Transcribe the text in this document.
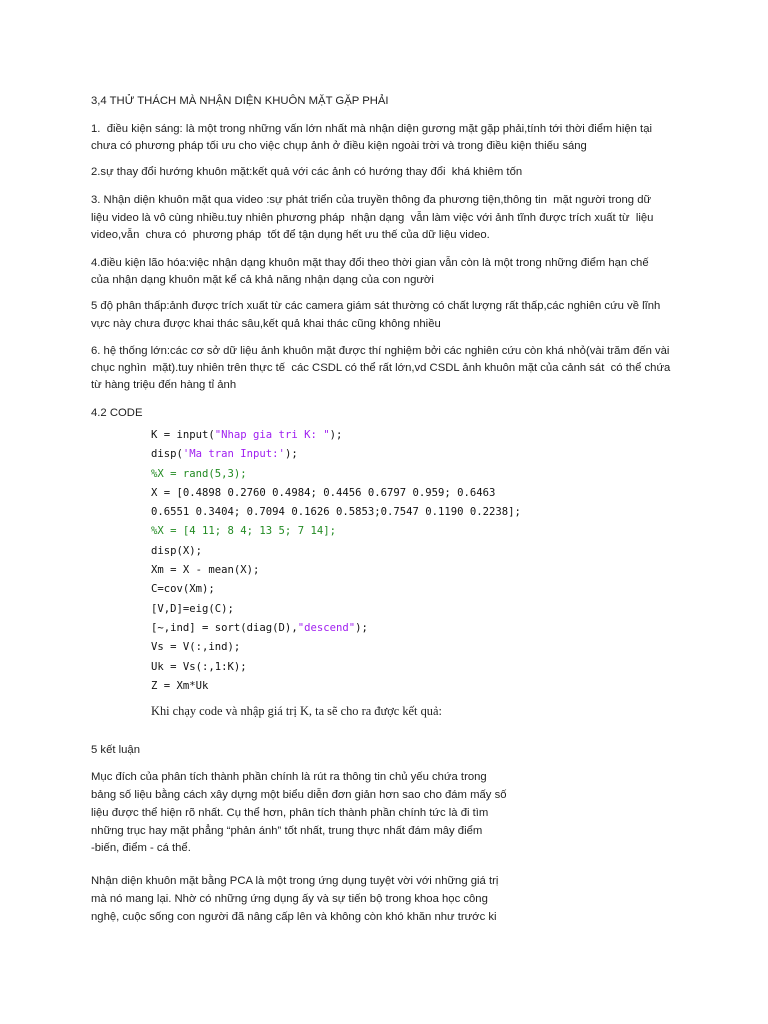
3,4 THỬ THÁCH MÀ NHẬN DIỆN KHUÔN MẶT GẶP PHẢI
1.  điều kiện sáng: là một trong những vấn lớn nhất mà nhận diện gương mặt gặp phải,tính tới thời điểm hiện tại
chưa có phương pháp tối ưu cho việc chụp ảnh ở điều kiện ngoài trời và trong điều kiện thiếu sáng
2.sự thay đổi hướng khuôn mặt:kết quả với các ảnh có hướng thay đổi  khá khiêm tốn
3. Nhận diện khuôn mặt qua video :sự phát triển của truyền thông đa phương tiện,thông tin  mặt người trong dữ
liệu video là vô cùng nhiều.tuy nhiên phương pháp  nhận dạng  vẫn làm việc với ảnh tĩnh được trích xuất từ  liệu
video,vẫn  chưa có  phương pháp  tốt để tận dụng hết ưu thế của dữ liệu video.
4.điều kiện lão hóa:việc nhận dạng khuôn mặt thay đổi theo thời gian vẫn còn là một trong những điểm hạn chế
của nhận dạng khuôn mặt kể cả khả năng nhận dạng của con người
5 độ phân thấp:ảnh được trích xuất từ các camera giám sát thường có chất lượng rất thấp,các nghiên cứu về lĩnh
vực này chưa được khai thác sâu,kết quả khai thác cũng không nhiều
6. hệ thống lớn:các cơ sở dữ liệu ảnh khuôn mặt được thí nghiệm bởi các nghiên cứu còn khá nhỏ(vài trăm đến vài
chục nghìn  mặt).tuy nhiên trên thực tế  các CSDL có thể rất lớn,vd CSDL ảnh khuôn mặt của cảnh sát  có thể chứa
từ hàng triệu đến hàng tỉ ảnh
4.2 CODE
K = input("Nhap gia tri K: ");
disp('Ma tran Input:');
%X = rand(5,3);
X = [0.4898 0.2760 0.4984; 0.4456 0.6797 0.959; 0.6463
0.6551 0.3404; 0.7094 0.1626 0.5853;0.7547 0.1190 0.2238];
%X = [4 11; 8 4; 13 5; 7 14];
disp(X);
Xm = X - mean(X);
C=cov(Xm);
[V,D]=eig(C);
[~,ind] = sort(diag(D),"descend");
Vs = V(:,ind);
Uk = Vs(:,1:K);
Z = Xm*Uk
Khi chạy code và nhập giá trị K, ta sẽ cho ra được kết quả:
5 kết luận
Mục đích của phân tích thành phần chính là rút ra thông tin chủ yếu chứa trong
bảng số liệu bằng cách xây dựng một biểu diễn đơn giản hơn sao cho đám mấy số
liệu được thể hiện rõ nhất. Cụ thể hơn, phân tích thành phần chính tức là đi tìm
những trục hay mặt phẳng “phản ánh” tốt nhất, trung thực nhất đám mây điểm
-biến, điểm - cá thể.
Nhận diện khuôn mặt bằng PCA là một trong ứng dụng tuyệt vời với những giá trị
mà nó mang lại. Nhờ có những ứng dụng ấy và sự tiến bộ trong khoa học công
nghệ, cuộc sống con người đã nâng cấp lên và không còn khó khăn như trước ki
